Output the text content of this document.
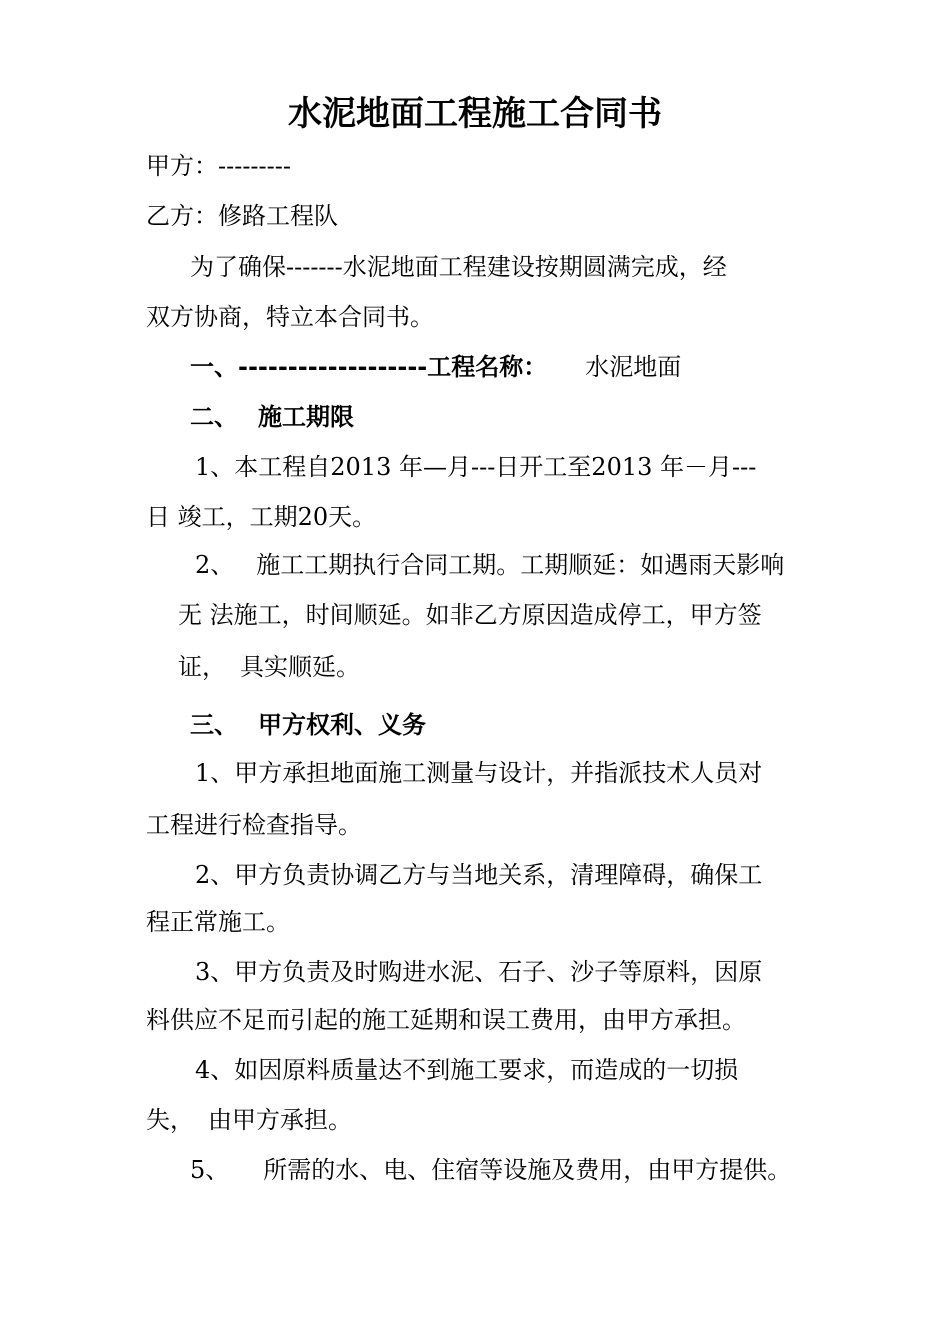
水泥地面工程施工合同书
甲方：---------
乙方：修路工程队
为了确保-------水泥地面工程建设按期圆满完成，经
双方协商，特立本合同书。
一、-------------------工程名称： 水泥地面
二、 施工期限
1、本工程自2013 年—月---日开工至2013 年－月---
日 竣工，工期20天。
2、 施工工期执行合同工期。工期顺延：如遇雨天影响
无 法施工，时间顺延。如非乙方原因造成停工，甲方签
证， 具实顺延。
三、 甲方权利、义务
1、甲方承担地面施工测量与设计，并指派技术人员对
工程进行检查指导。
2、甲方负责协调乙方与当地关系，清理障碍，确保工
程正常施工。
3、甲方负责及时购进水泥、石子、沙子等原料，因原
料供应不足而引起的施工延期和误工费用，由甲方承担。
4、如因原料质量达不到施工要求，而造成的一切损
失， 由甲方承担。
5、 所需的水、电、住宿等设施及费用，由甲方提供。
